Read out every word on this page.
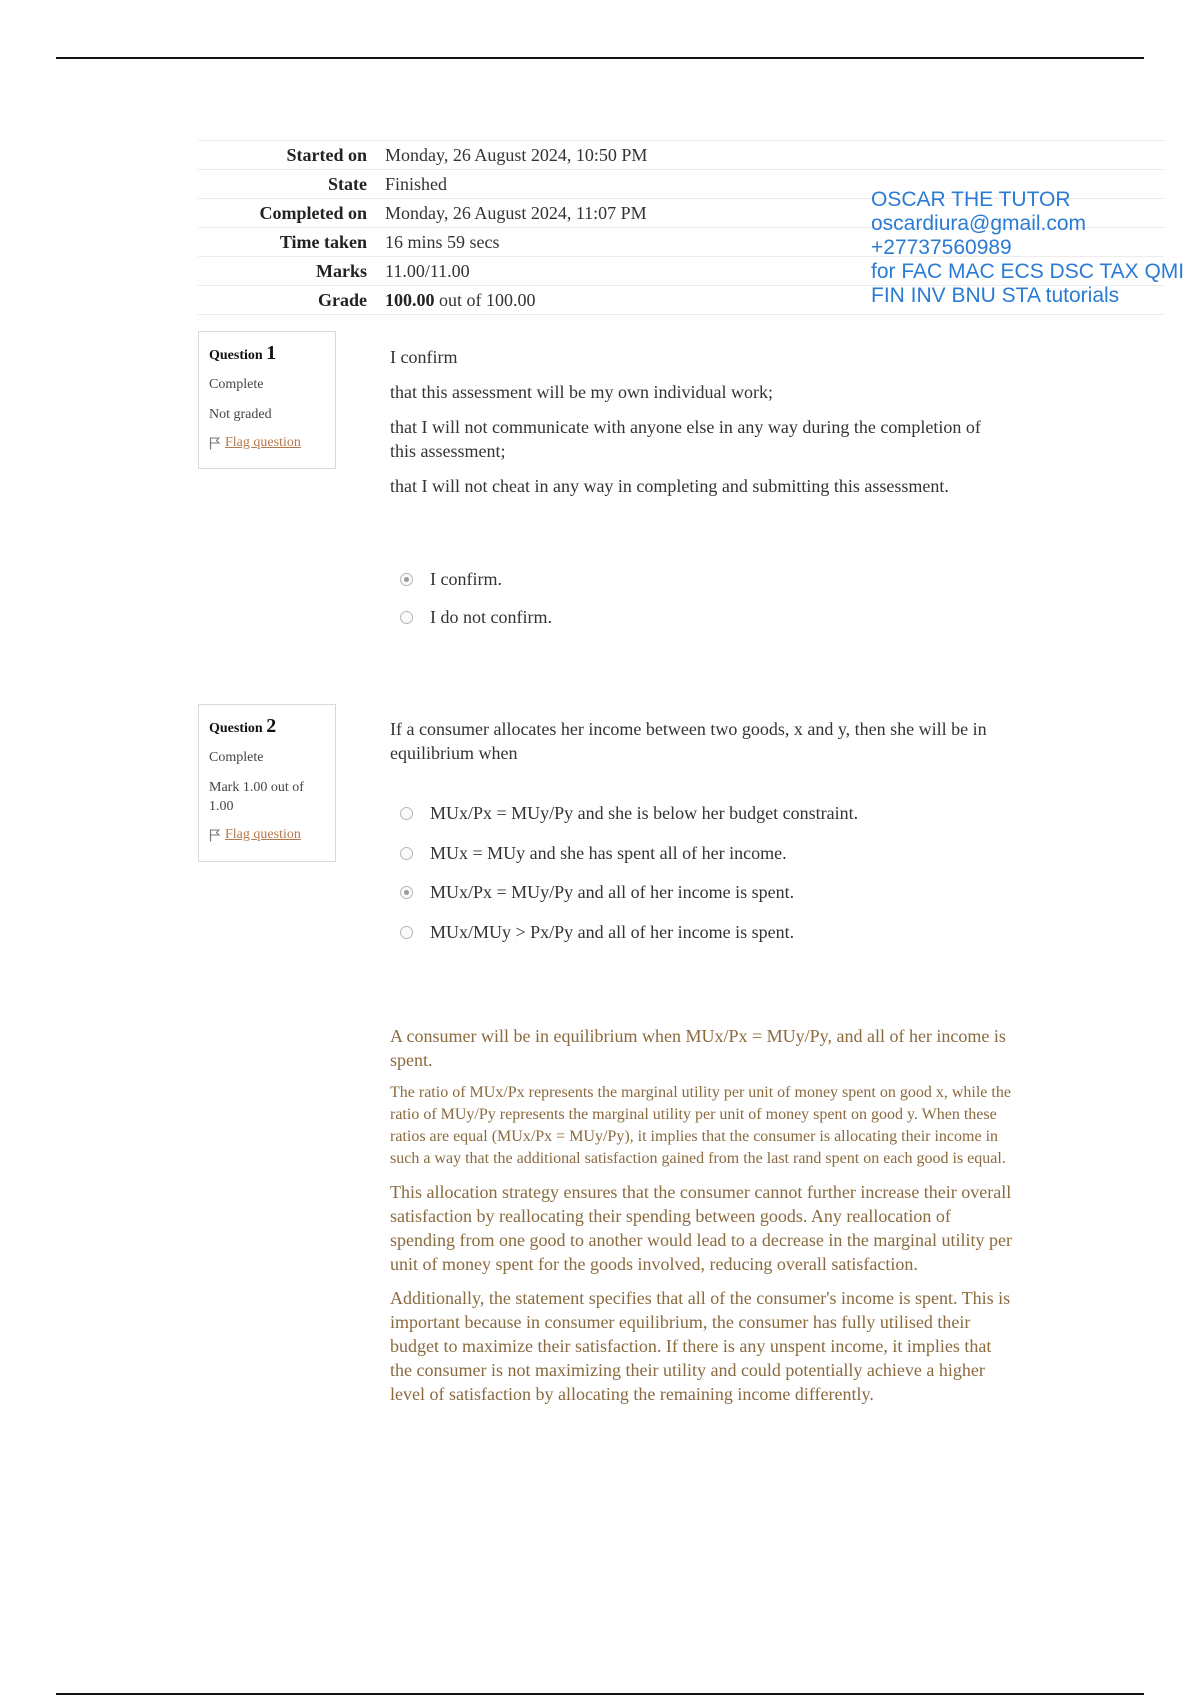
Started on	Monday, 26 August 2024, 10:50 PM
State	Finished
Completed on	Monday, 26 August 2024, 11:07 PM
Time taken	16 mins 59 secs
Marks	11.00/11.00
Grade	100.00 out of 100.00
OSCAR THE TUTOR
oscardiura@gmail.com
+27737560989
for FAC MAC ECS DSC TAX QMI
FIN INV BNU STA tutorials
Question 1
Complete
Not graded
Flag question

I confirm

that this assessment will be my own individual work;

that I will not communicate with anyone else in any way during the completion of this assessment;

that I will not cheat in any way in completing and submitting this assessment.

I confirm.
I do not confirm.
Question 2
Complete
Mark 1.00 out of 1.00
Flag question

If a consumer allocates her income between two goods, x and y, then she will be in equilibrium when

MUx/Px = MUy/Py and she is below her budget constraint.
MUx = MUy and she has spent all of her income.
MUx/Px = MUy/Py and all of her income is spent.
MUx/MUy > Px/Py and all of her income is spent.

A consumer will be in equilibrium when MUx/Px = MUy/Py, and all of her income is spent.

The ratio of MUx/Px represents the marginal utility per unit of money spent on good x, while the ratio of MUy/Py represents the marginal utility per unit of money spent on good y. When these ratios are equal (MUx/Px = MUy/Py), it implies that the consumer is allocating their income in such a way that the additional satisfaction gained from the last rand spent on each good is equal.

This allocation strategy ensures that the consumer cannot further increase their overall satisfaction by reallocating their spending between goods. Any reallocation of spending from one good to another would lead to a decrease in the marginal utility per unit of money spent for the goods involved, reducing overall satisfaction.

Additionally, the statement specifies that all of the consumer's income is spent. This is important because in consumer equilibrium, the consumer has fully utilised their budget to maximize their satisfaction. If there is any unspent income, it implies that the consumer is not maximizing their utility and could potentially achieve a higher level of satisfaction by allocating the remaining income differently.
